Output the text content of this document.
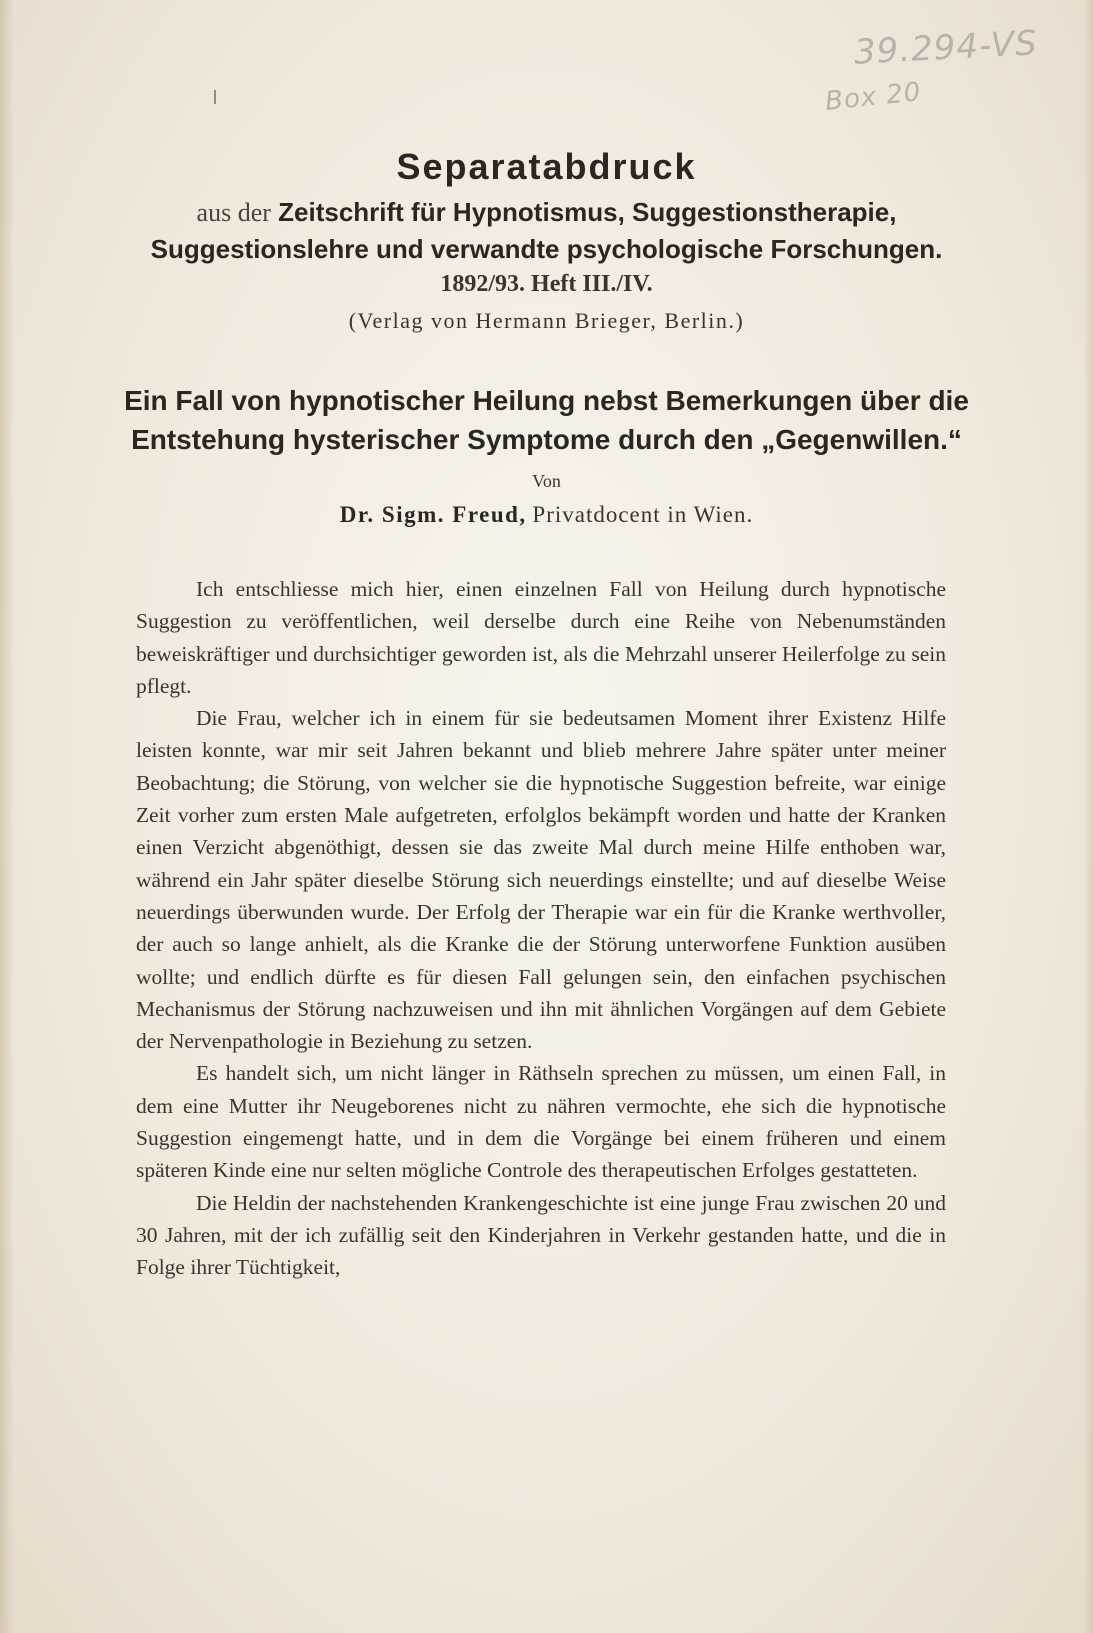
39.294-VS
Box 20
Separatabdruck
aus der Zeitschrift für Hypnotismus, Suggestionstherapie,
Suggestionslehre und verwandte psychologische Forschungen.
1892/93. Heft III./IV.
(Verlag von Hermann Brieger, Berlin.)
Ein Fall von hypnotischer Heilung nebst Bemerkungen über die
Entstehung hysterischer Symptome durch den „Gegenwillen.“
Von
Dr. Sigm. Freud, Privatdocent in Wien.

Ich entschliesse mich hier, einen einzelnen Fall von Heilung durch hypnotische Suggestion zu veröffentlichen, weil derselbe durch eine Reihe von Nebenumständen beweiskräftiger und durchsichtiger geworden ist, als die Mehrzahl unserer Heilerfolge zu sein pflegt.

Die Frau, welcher ich in einem für sie bedeutsamen Moment ihrer Existenz Hilfe leisten konnte, war mir seit Jahren bekannt und blieb mehrere Jahre später unter meiner Beobachtung; die Störung, von welcher sie die hypnotische Suggestion befreite, war einige Zeit vorher zum ersten Male aufgetreten, erfolglos bekämpft worden und hatte der Kranken einen Verzicht abgenöthigt, dessen sie das zweite Mal durch meine Hilfe enthoben war, während ein Jahr später dieselbe Störung sich neuerdings einstellte; und auf dieselbe Weise neuerdings überwunden wurde. Der Erfolg der Therapie war ein für die Kranke werthvoller, der auch so lange anhielt, als die Kranke die der Störung unterworfene Funktion ausüben wollte; und endlich dürfte es für diesen Fall gelungen sein, den einfachen psychischen Mechanismus der Störung nachzuweisen und ihn mit ähnlichen Vorgängen auf dem Gebiete der Nervenpathologie in Beziehung zu setzen.

Es handelt sich, um nicht länger in Räthseln sprechen zu müssen, um einen Fall, in dem eine Mutter ihr Neugeborenes nicht zu nähren vermochte, ehe sich die hypnotische Suggestion eingemengt hatte, und in dem die Vorgänge bei einem früheren und einem späteren Kinde eine nur selten mögliche Controle des therapeutischen Erfolges gestatteten.

Die Heldin der nachstehenden Krankengeschichte ist eine junge Frau zwischen 20 und 30 Jahren, mit der ich zufällig seit den Kinderjahren in Verkehr gestanden hatte, und die in Folge ihrer Tüchtigkeit,
